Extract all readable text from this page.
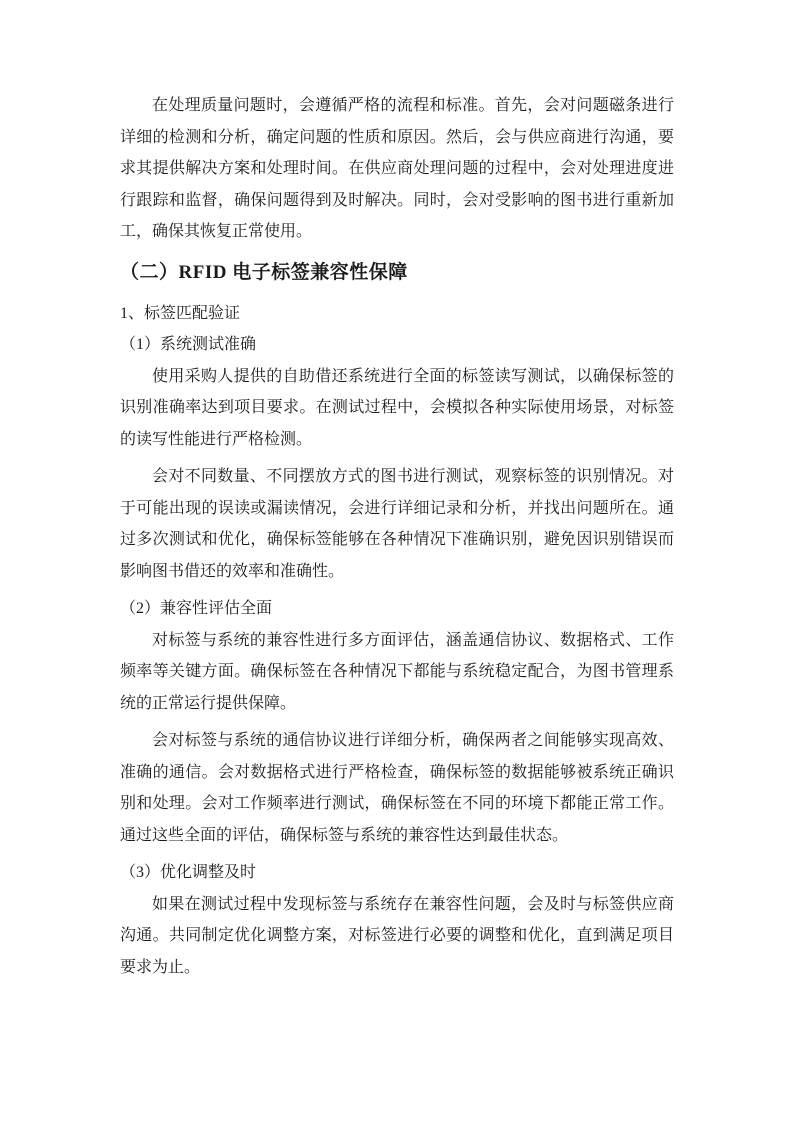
在处理质量问题时，会遵循严格的流程和标准。首先，会对问题磁条进行详细的检测和分析，确定问题的性质和原因。然后，会与供应商进行沟通，要求其提供解决方案和处理时间。在供应商处理问题的过程中，会对处理进度进行跟踪和监督，确保问题得到及时解决。同时，会对受影响的图书进行重新加工，确保其恢复正常使用。

（二）RFID 电子标签兼容性保障
1、标签匹配验证
（1）系统测试准确

使用采购人提供的自助借还系统进行全面的标签读写测试，以确保标签的识别准确率达到项目要求。在测试过程中，会模拟各种实际使用场景，对标签的读写性能进行严格检测。

会对不同数量、不同摆放方式的图书进行测试，观察标签的识别情况。对于可能出现的误读或漏读情况，会进行详细记录和分析，并找出问题所在。通过多次测试和优化，确保标签能够在各种情况下准确识别，避免因识别错误而影响图书借还的效率和准确性。

（2）兼容性评估全面

对标签与系统的兼容性进行多方面评估，涵盖通信协议、数据格式、工作频率等关键方面。确保标签在各种情况下都能与系统稳定配合，为图书管理系统的正常运行提供保障。

会对标签与系统的通信协议进行详细分析，确保两者之间能够实现高效、准确的通信。会对数据格式进行严格检查，确保标签的数据能够被系统正确识别和处理。会对工作频率进行测试，确保标签在不同的环境下都能正常工作。通过这些全面的评估，确保标签与系统的兼容性达到最佳状态。

（3）优化调整及时

如果在测试过程中发现标签与系统存在兼容性问题，会及时与标签供应商沟通。共同制定优化调整方案，对标签进行必要的调整和优化，直到满足项目要求为止。
